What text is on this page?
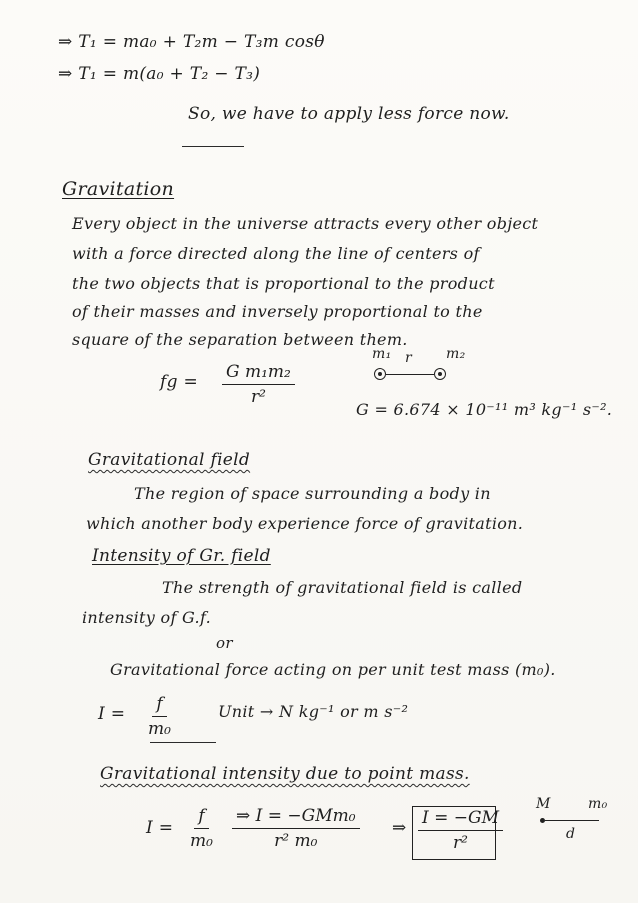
⇒ T₁ = ma₀ + T₂m − T₃m cosθ
⇒ T₁ = m(a₀ + T₂ − T₃)
So, we have to apply less force now.
Gravitation
Every object in the universe attracts every other object
with a force directed along the line of centers of
the two objects that is proportional to the product
of their masses and inversely proportional to the
square of the separation between them.
fg = $\frac{\text{G m₁m₂}}{\text{r²}}$
m₁ r m₂
G = 6.674 × 10⁻¹¹ m³ kg⁻¹ s⁻².
Gravitational field
The region of space surrounding a body in
which another body experience force of gravitation.
Intensity of Gr. field
The strength of gravitational field is called
intensity of G.f.
or
Gravitational force acting on per unit test mass (m₀).
$I = \frac{f}{\text{m₀}}$	Unit → N kg⁻¹ or m s⁻²
Gravitational intensity due to point mass.
$I = \frac{f}{\text{m₀}}$ ⇒ I = −GMm₀
r² m₀
⇒ $\frac{I = -GM}{\text{r²}}$
M	m₀
d
